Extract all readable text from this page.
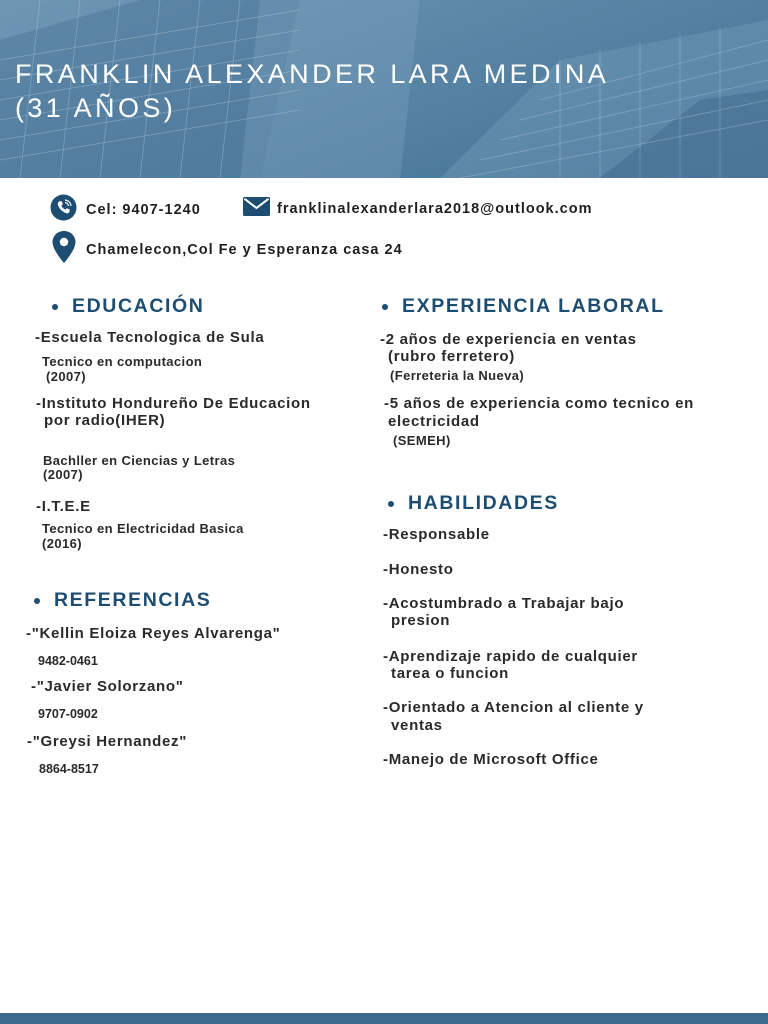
FRANKLIN ALEXANDER LARA MEDINA
(31 AÑOS)
Cel: 9407-1240	franklinalexanderlara2018@outlook.com
Chamelecon,Col Fe y Esperanza casa 24
EDUCACIÓN
-Escuela Tecnologica de Sula
Tecnico en computacion
(2007)
-Instituto Hondureño De Educacion
por radio(IHER)
Bachller en Ciencias y Letras
(2007)
-I.T.E.E
Tecnico en Electricidad Basica
(2016)
REFERENCIAS
-"Kellin Eloiza Reyes Alvarenga"
9482-0461
-"Javier Solorzano"
9707-0902
-"Greysi Hernandez"
8864-8517
EXPERIENCIA LABORAL
-2 años de experiencia en ventas
(rubro ferretero)
(Ferreteria la Nueva)
-5 años de experiencia como tecnico en
electricidad
(SEMEH)
HABILIDADES
-Responsable
-Honesto
-Acostumbrado a Trabajar bajo
presion
-Aprendizaje rapido de cualquier
tarea o funcion
-Orientado a Atencion al cliente y
ventas
-Manejo de Microsoft Office
